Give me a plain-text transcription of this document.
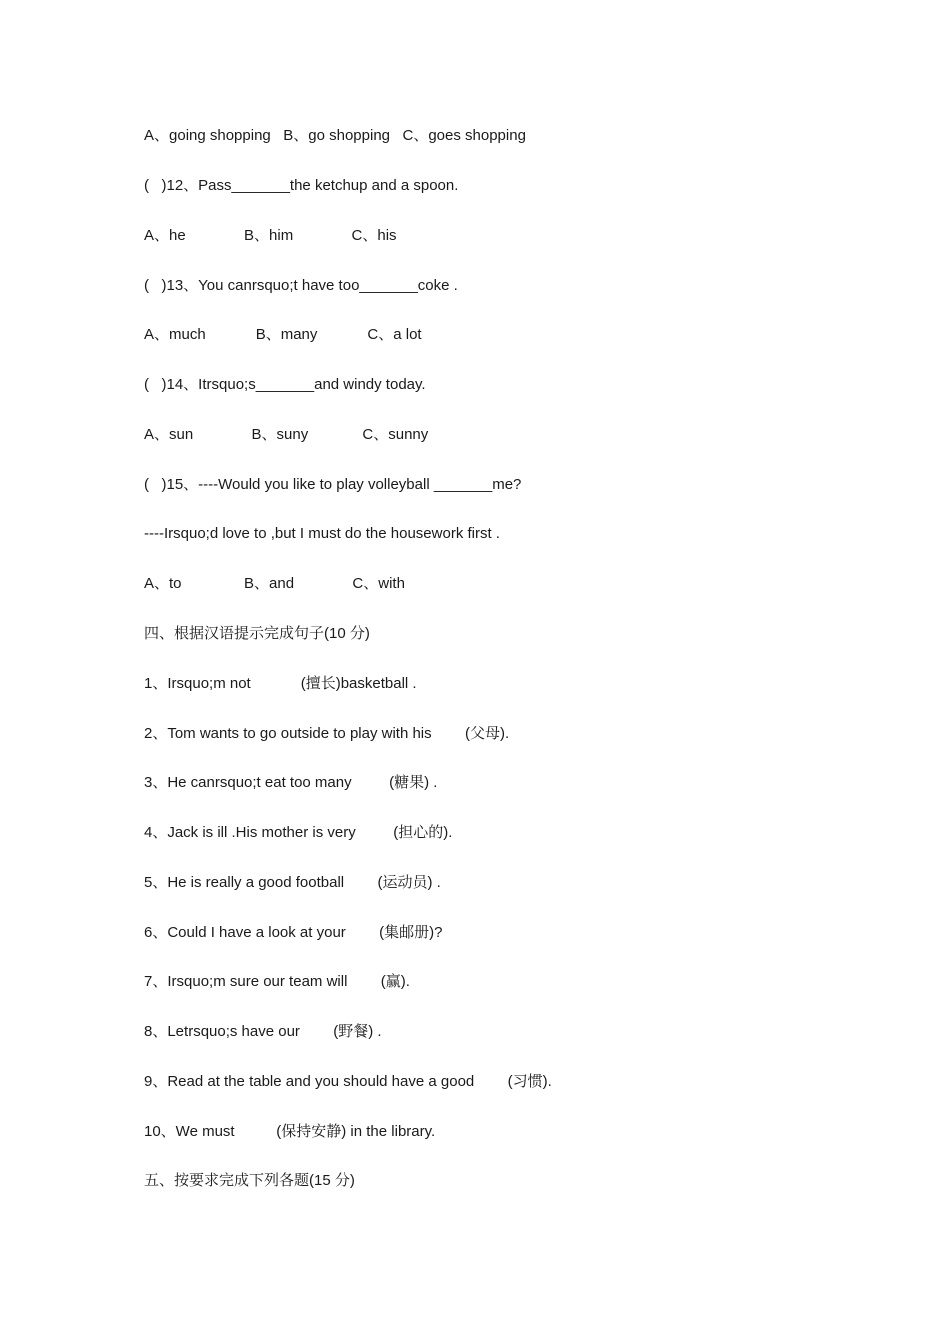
A、going shopping   B、go shopping   C、goes shopping
(   )12、Pass_______the ketchup and a spoon.
A、he              B、him              C、his
(   )13、You canrsquo;t have too_______coke .
A、much            B、many            C、a lot
(   )14、Itrsquo;s_______and windy today.
A、sun              B、suny             C、sunny
(   )15、----Would you like to play volleyball _______me?
----Irsquo;d love to ,but I must do the housework first .
A、to               B、and              C、with
四、根据汉语提示完成句子(10 分)
1、Irsquo;m not            (擅长)basketball .
2、Tom wants to go outside to play with his        (父母).
3、He canrsquo;t eat too many         (糖果) .
4、Jack is ill .His mother is very         (担心的).
5、He is really a good football        (运动员) .
6、Could I have a look at your        (集邮册)?
7、Irsquo;m sure our team will        (赢).
8、Letrsquo;s have our        (野餐) .
9、Read at the table and you should have a good        (习惯).
10、We must          (保持安静) in the library.
五、按要求完成下列各题(15 分)
